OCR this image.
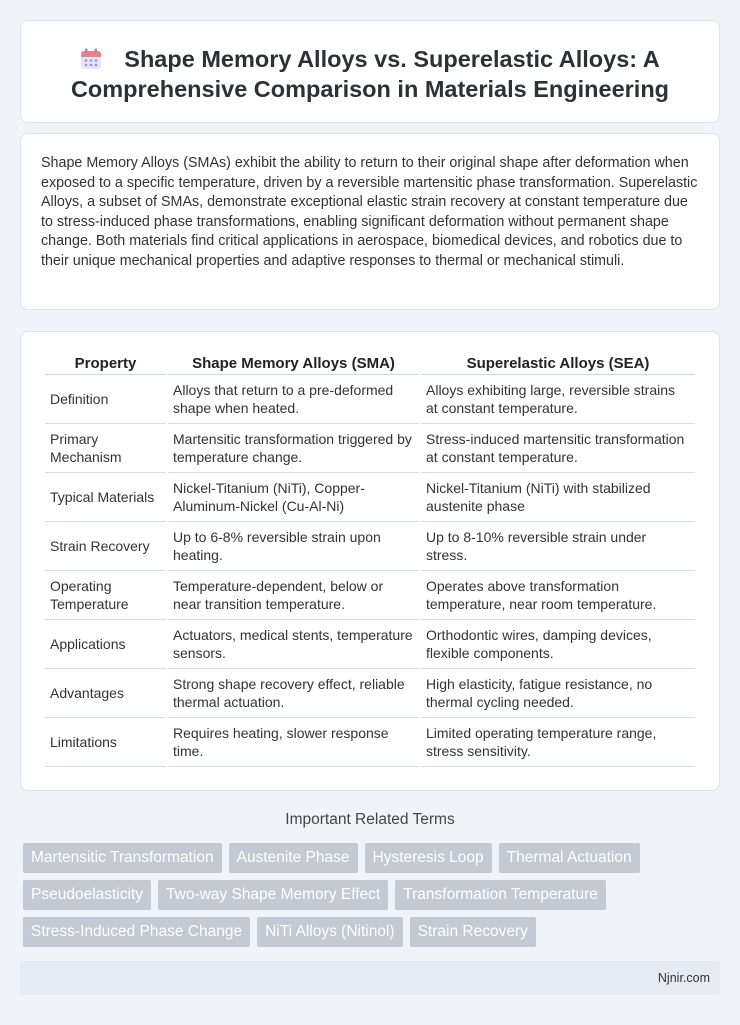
Shape Memory Alloys vs. Superelastic Alloys: A Comprehensive Comparison in Materials Engineering

Shape Memory Alloys (SMAs) exhibit the ability to return to their original shape after deformation when exposed to a specific temperature, driven by a reversible martensitic phase transformation. Superelastic Alloys, a subset of SMAs, demonstrate exceptional elastic strain recovery at constant temperature due to stress-induced phase transformations, enabling significant deformation without permanent shape change. Both materials find critical applications in aerospace, biomedical devices, and robotics due to their unique mechanical properties and adaptive responses to thermal or mechanical stimuli.

Property	Shape Memory Alloys (SMA)	Superelastic Alloys (SEA)
Definition	Alloys that return to a pre-deformed shape when heated.	Alloys exhibiting large, reversible strains at constant temperature.
Primary Mechanism	Martensitic transformation triggered by temperature change.	Stress-induced martensitic transformation at constant temperature.
Typical Materials	Nickel-Titanium (NiTi), Copper-Aluminum-Nickel (Cu-Al-Ni)	Nickel-Titanium (NiTi) with stabilized austenite phase
Strain Recovery	Up to 6-8% reversible strain upon heating.	Up to 8-10% reversible strain under stress.
Operating Temperature	Temperature-dependent, below or near transition temperature.	Operates above transformation temperature, near room temperature.
Applications	Actuators, medical stents, temperature sensors.	Orthodontic wires, damping devices, flexible components.
Advantages	Strong shape recovery effect, reliable thermal actuation.	High elasticity, fatigue resistance, no thermal cycling needed.
Limitations	Requires heating, slower response time.	Limited operating temperature range, stress sensitivity.
Important Related Terms
Martensitic Transformation	Austenite Phase	Hysteresis Loop	Thermal Actuation
Pseudoelasticity	Two-way Shape Memory Effect	Transformation Temperature
Stress-Induced Phase Change	NiTi Alloys (Nitinol)	Strain Recovery
Njnir.com
